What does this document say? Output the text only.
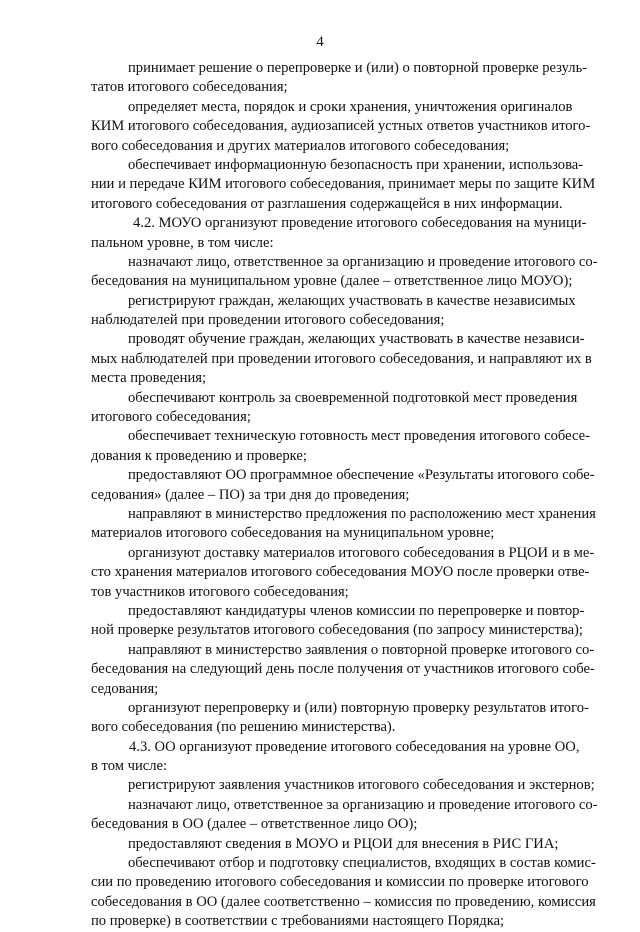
4
принимает решение о перепроверке и (или) о повторной проверке резуль-
татов итогового собеседования;
определяет места, порядок и сроки хранения, уничтожения оригиналов
КИМ итогового собеседования, аудиозаписей устных ответов участников итого-
вого собеседования и других материалов итогового собеседования;
обеспечивает информационную безопасность при хранении, использова-
нии и передаче КИМ итогового собеседования, принимает меры по защите КИМ
итогового собеседования от разглашения содержащейся в них информации.
4.2. МОУО организуют проведение итогового собеседования на муници-
пальном уровне, в том числе:
назначают лицо, ответственное за организацию и проведение итогового со-
беседования на муниципальном уровне (далее – ответственное лицо МОУО);
регистрируют граждан, желающих участвовать в качестве независимых
наблюдателей при проведении итогового собеседования;
проводят обучение граждан, желающих участвовать в качестве независи-
мых наблюдателей при проведении итогового собеседования, и направляют их в
места проведения;
обеспечивают контроль за своевременной подготовкой мест проведения
итогового собеседования;
обеспечивает техническую готовность мест проведения итогового собесе-
дования к проведению и проверке;
предоставляют ОО программное обеспечение «Результаты итогового собе-
седования» (далее – ПО) за три дня до проведения;
направляют в министерство предложения по расположению мест хранения
материалов итогового собеседования на муниципальном уровне;
организуют доставку материалов итогового собеседования в РЦОИ и в ме-
сто хранения материалов итогового собеседования МОУО после проверки отве-
тов участников итогового собеседования;
предоставляют кандидатуры членов комиссии по перепроверке и повтор-
ной проверке результатов итогового собеседования (по запросу министерства);
направляют в министерство заявления о повторной проверке итогового со-
беседования на следующий день после получения от участников итогового собе-
седования;
организуют перепроверку и (или) повторную проверку результатов итого-
вого собеседования (по решению министерства).
4.3. ОО организуют проведение итогового собеседования на уровне ОО,
в том числе:
регистрируют заявления участников итогового собеседования и экстернов;
назначают лицо, ответственное за организацию и проведение итогового со-
беседования в ОО (далее – ответственное лицо ОО);
предоставляют сведения в МОУО и РЦОИ для внесения в РИС ГИА;
обеспечивают отбор и подготовку специалистов, входящих в состав комис-
сии по проведению итогового собеседования и комиссии по проверке итогового
собеседования в ОО (далее соответственно – комиссия по проведению, комиссия
по проверке) в соответствии с требованиями настоящего Порядка;
